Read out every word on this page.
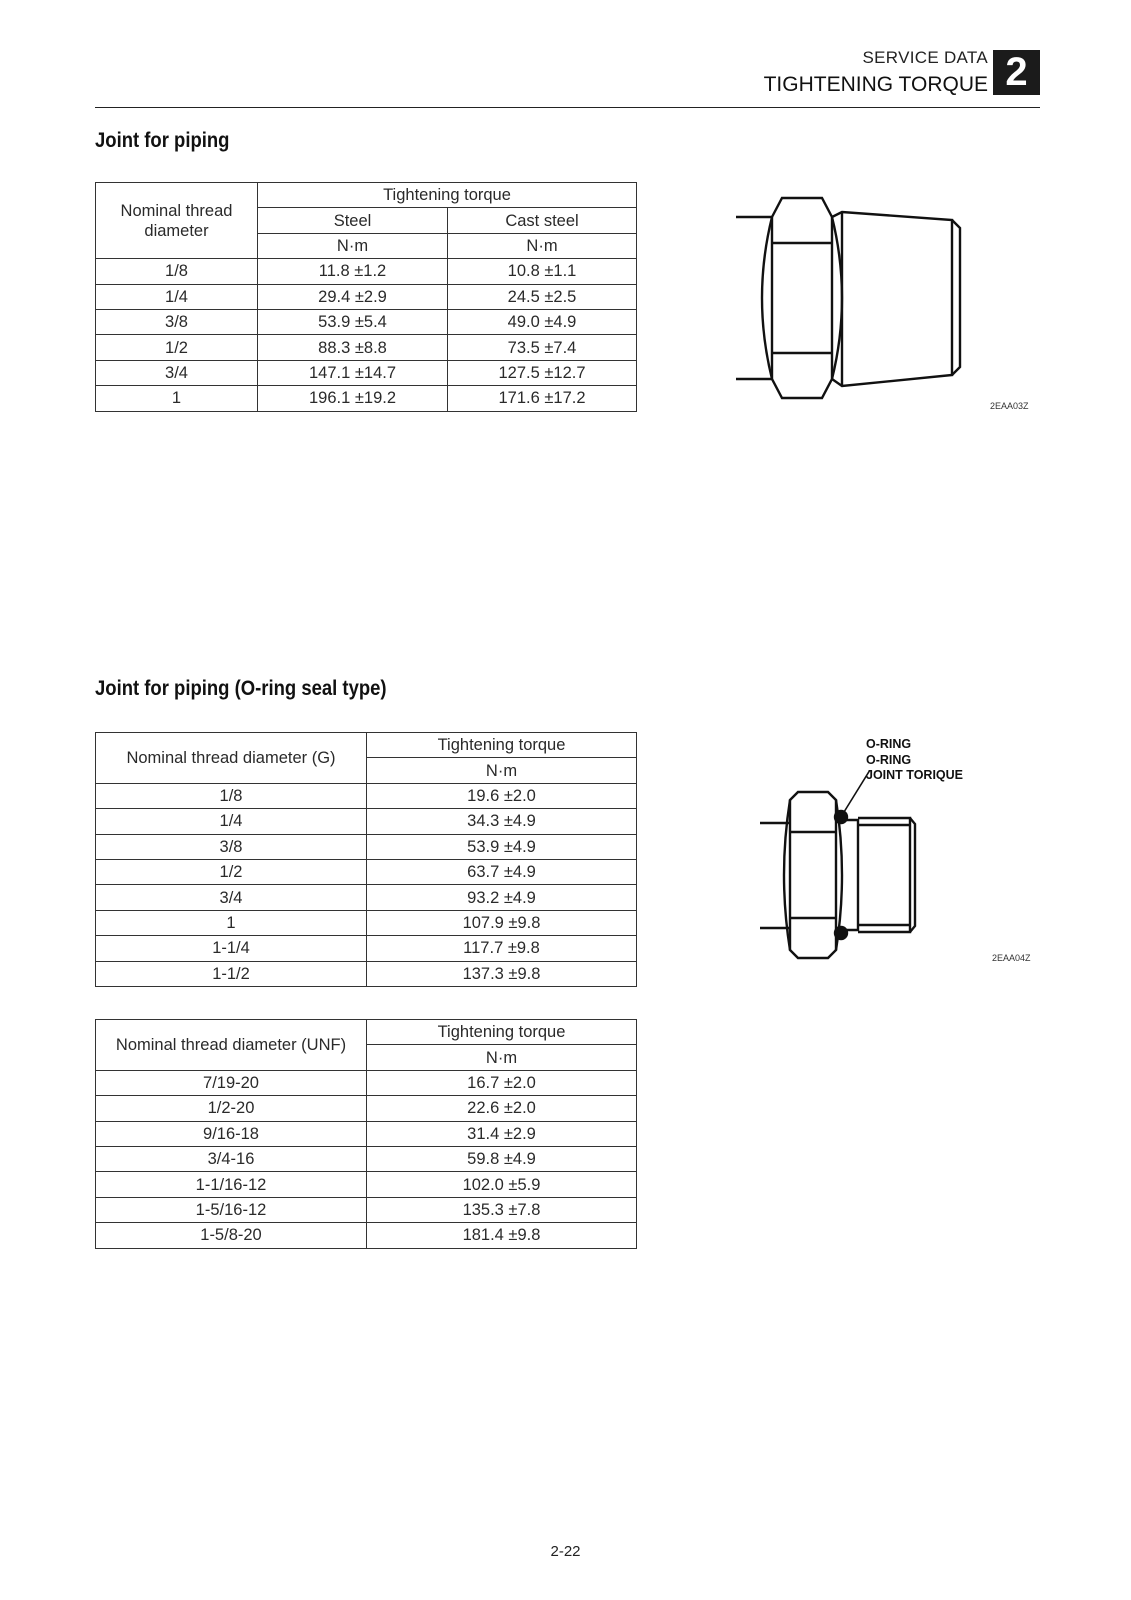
SERVICE DATA
TIGHTENING TORQUE 2
Joint for piping
Nominal thread diameter	Tightening torque	
	Steel	Cast steel
	N·m	N·m
1/8	11.8 ±1.2	10.8 ±1.1
1/4	29.4 ±2.9	24.5 ±2.5
3/8	53.9 ±5.4	49.0 ±4.9
1/2	88.3 ±8.8	73.5 ±7.4
3/4	147.1 ±14.7	127.5 ±12.7
1	196.1 ±19.2	171.6 ±17.2	2EAA03Z
Joint for piping (O-ring seal type)
Nominal thread diameter (G)	Tightening torque
	N·m
1/8	19.6 ±2.0
1/4	34.3 ±4.9
3/8	53.9 ±4.9
1/2	63.7 ±4.9
3/4	93.2 ±4.9
1	107.9 ±9.8
1-1/4	117.7 ±9.8
1-1/2	137.3 ±9.8
Nominal thread diameter (UNF)	Tightening torque
	N·m
7/19-20	16.7 ±2.0
1/2-20	22.6 ±2.0
9/16-18	31.4 ±2.9
3/4-16	59.8 ±4.9
1-1/16-12	102.0 ±5.9
1-5/16-12	135.3 ±7.8
1-5/8-20	181.4 ±9.8
O-RING
O-RING
JOINT TORIQUE
2EAA04Z
2-22
